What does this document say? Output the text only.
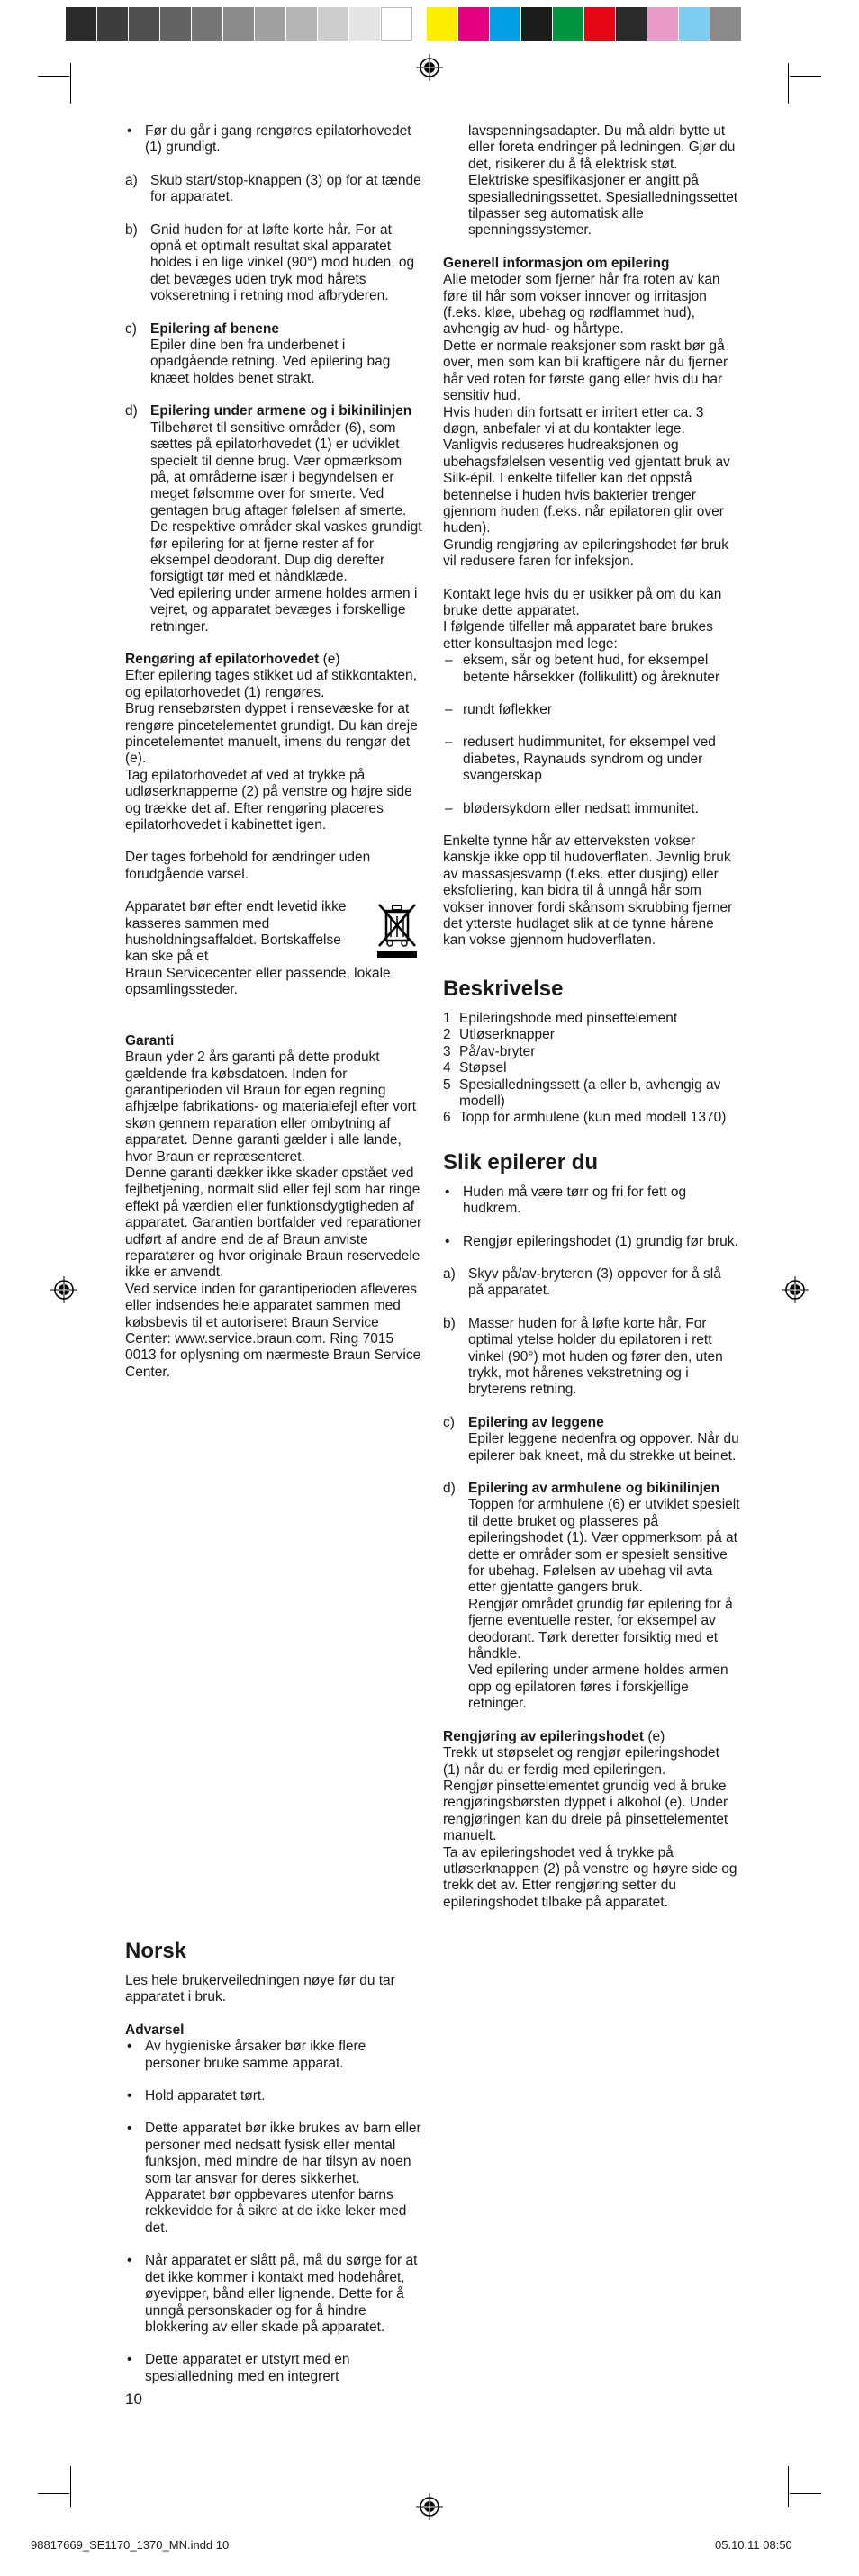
• Før du går i gang rengøres epilatorhovedet (1) grundigt.

a) Skub start/stop-knappen (3) op for at tænde for apparatet.
b) Gnid huden for at løfte korte hår. For at opnå et optimalt resultat skal apparatet holdes i en lige vinkel (90°) mod huden, og det bevæges uden tryk mod hårets vokseretning i retning mod afbryderen.
c) Epilering af benene
Epiler dine ben fra underbenet i opadgående retning. Ved epilering bag knæet holdes benet strakt.
d) Epilering under armene og i bikinilinjen
Tilbehøret til sensitive områder (6), som sættes på epilatorhovedet (1) er udviklet specielt til denne brug. Vær opmærksom på, at områderne især i begyndelsen er meget følsomme over for smerte. Ved gentagen brug aftager følelsen af smerte.
De respektive områder skal vaskes grundigt før epilering for at fjerne rester af for eksempel deodorant. Dup dig derefter forsigtigt tør med et håndklæde.
Ved epilering under armene holdes armen i vejret, og apparatet bevæges i forskellige retninger.
Rengøring af epilatorhovedet (e)
Efter epilering tages stikket ud af stikkontakten, og epilatorhovedet (1) rengøres.
Brug rensebørsten dyppet i rensevæske for at rengøre pincetelementet grundigt. Du kan dreje pincetelementet manuelt, imens du rengør det (e).
Tag epilatorhovedet af ved at trykke på udløserknapperne (2) på venstre og højre side og trække det af. Efter rengøring placeres epilatorhovedet i kabinettet igen.

Der tages forbehold for ændringer uden forudgående varsel.

Apparatet bør efter endt levetid ikke kasseres sammen med husholdningsaffaldet. Bortskaffelse kan ske på et
Braun Servicecenter eller passende, lokale opsamlingssteder.
Garanti
Braun yder 2 års garanti på dette produkt gældende fra købsdatoen. Inden for garantiperioden vil Braun for egen regning afhjælpe fabrikations- og materialefejl efter vort skøn gennem reparation eller ombytning af apparatet. Denne garanti gælder i alle lande, hvor Braun er repræsenteret.
Denne garanti dækker ikke skader opstået ved fejlbetjening, normalt slid eller fejl som har ringe effekt på værdien eller funktionsdygtigheden af apparatet. Garantien bortfalder ved reparationer udført af andre end de af Braun anviste reparatører og hvor originale Braun reservedele ikke er anvendt.
Ved service inden for garantiperioden afleveres eller indsendes hele apparatet sammen med købsbevis til et autoriseret Braun Service Center: www.service.braun.com. Ring 7015 0013 for oplysning om nærmeste Braun Service Center.
Norsk

Les hele brukerveiledningen nøye før du tar apparatet i bruk.

Advarsel

• Av hygieniske årsaker bør ikke flere personer bruke samme apparat.

• Hold apparatet tørt.

• Dette apparatet bør ikke brukes av barn eller personer med nedsatt fysisk eller mental funksjon, med mindre de har tilsyn av noen som tar ansvar for deres sikkerhet. Apparatet bør oppbevares utenfor barns rekkevidde for å sikre at de ikke leker med det.

• Når apparatet er slått på, må du sørge for at det ikke kommer i kontakt med hodehåret, øyevipper, bånd eller lignende. Dette for å unngå personskader og for å hindre blokkering av eller skade på apparatet.

• Dette apparatet er utstyrt med en spesialledning med en integrert

10

lavspenningsadapter. Du må aldri bytte ut eller foreta endringer på ledningen. Gjør du det, risikerer du å få elektrisk støt. Elektriske spesifikasjoner er angitt på spesialledningssettet. Spesialledningssettet tilpasser seg automatisk alle spenningssystemer.

Generell informasjon om epilering
Alle metoder som fjerner hår fra roten av kan føre til hår som vokser innover og irritasjon (f.eks. kløe, ubehag og rødflammet hud), avhengig av hud- og hårtype.
Dette er normale reaksjoner som raskt bør gå over, men som kan bli kraftigere når du fjerner hår ved roten for første gang eller hvis du har sensitiv hud.
Hvis huden din fortsatt er irritert etter ca. 3 døgn, anbefaler vi at du kontakter lege.
Vanligvis reduseres hudreaksjonen og ubehagsfølelsen vesentlig ved gjentatt bruk av Silk-épil. I enkelte tilfeller kan det oppstå betennelse i huden hvis bakterier trenger gjennom huden (f.eks. når epilatoren glir over huden).
Grundig rengjøring av epileringshodet før bruk vil redusere faren for infeksjon.
Kontakt lege hvis du er usikker på om du kan bruke dette apparatet.
I følgende tilfeller må apparatet bare brukes etter konsultasjon med lege:

– eksem, sår og betent hud, for eksempel betente hårsekker (follikulitt) og åreknuter

– rundt føflekker

– redusert hudimmunitet, for eksempel ved diabetes, Raynauds syndrom og under svangerskap

– blødersykdom eller nedsatt immunitet.

Enkelte tynne hår av etterveksten vokser kanskje ikke opp til hudoverflaten. Jevnlig bruk av massasjesvamp (f.eks. etter dusjing) eller eksfoliering, kan bidra til å unngå hår som vokser innover fordi skånsom skrubbing fjerner det ytterste hudlaget slik at de tynne hårene kan vokse gjennom hudoverflaten.

Beskrivelse
1 Epileringshode med pinsettelement
2 Utløserknapper
3 På/av-bryter
4 Støpsel
5 Spesialledningssett (a eller b, avhengig av modell)
6 Topp for armhulene (kun med modell 1370)
Slik epilerer du

• Huden må være tørr og fri for fett og hudkrem.

• Rengjør epileringshodet (1) grundig før bruk.

a) Skyv på/av-bryteren (3) oppover for å slå på apparatet.
b) Masser huden for å løfte korte hår. For optimal ytelse holder du epilatoren i rett vinkel (90°) mot huden og fører den, uten trykk, mot hårenes vekstretning og i bryterens retning.
c) Epilering av leggene
Epiler leggene nedenfra og oppover. Når du epilerer bak kneet, må du strekke ut beinet.
d) Epilering av armhulene og bikinilinjen
Toppen for armhulene (6) er utviklet spesielt til dette bruket og plasseres på epileringshodet (1). Vær oppmerksom på at dette er områder som er spesielt sensitive for ubehag. Følelsen av ubehag vil avta etter gjentatte gangers bruk.
Rengjør området grundig før epilering for å fjerne eventuelle rester, for eksempel av deodorant. Tørk deretter forsiktig med et håndkle.
Ved epilering under armene holdes armen opp og epilatoren føres i forskjellige retninger.
Rengjøring av epileringshodet (e)
Trekk ut støpselet og rengjør epileringshodet (1) når du er ferdig med epileringen.
Rengjør pinsettelementet grundig ved å bruke rengjøringsbørsten dyppet i alkohol (e). Under rengjøringen kan du dreie på pinsettelementet manuelt.
Ta av epileringshodet ved å trykke på utløserknappen (2) på venstre og høyre side og trekk det av. Etter rengjøring setter du epileringshodet tilbake på apparatet.
98817669_SE1170_1370_MN.indd 10	05.10.11 08:50
